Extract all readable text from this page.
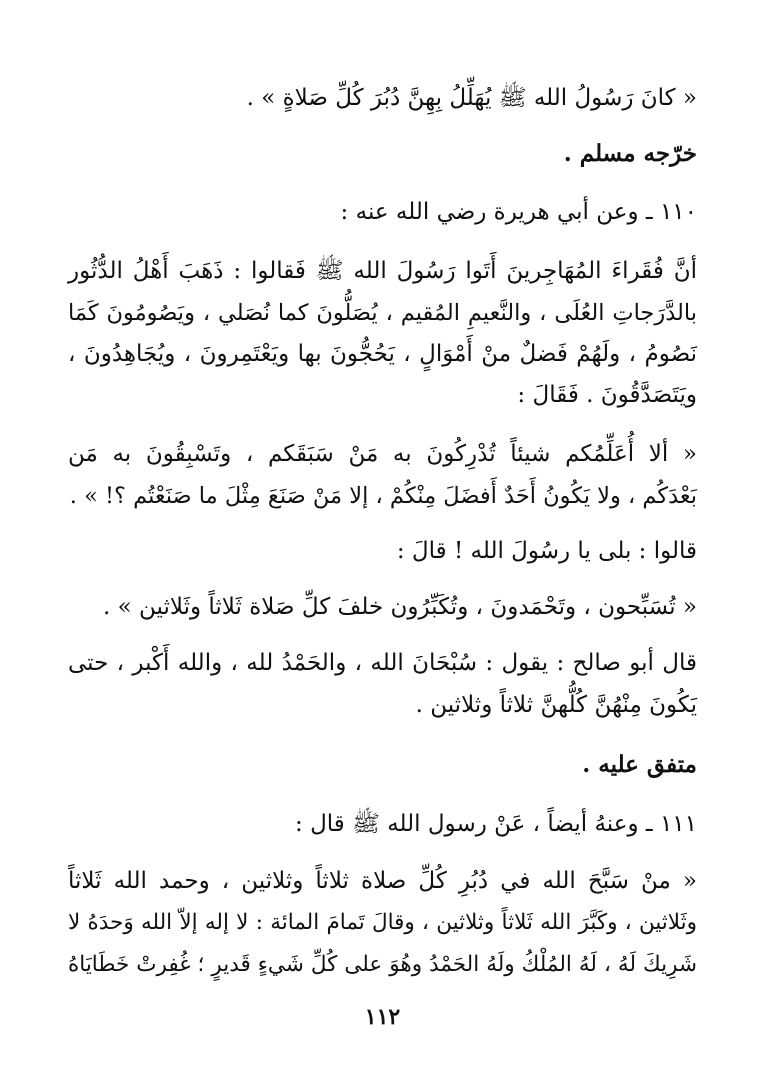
« كانَ رَسُولُ الله ﷺ يُهَلِّلُ بِهِنَّ دُبُرَ كُلِّ صَلاةٍ » .
خرّجه مسلم .
١١٠ ـ وعن أبي هريرة رضي الله عنه :
أنَّ فُقَراءَ المُهَاجِرينَ أَتَوا رَسُولَ الله ﷺ فَقالوا : ذَهَبَ أَهْلُ الدُّثُور
بالدَّرَجاتِ العُلَى ، والنَّعيمِ المُقيم ، يُصَلُّونَ كما نُصَلي ، ويَصُومُونَ كَمَا
نَصُومُ ، ولَهُمْ فَضلٌ منْ أَمْوَالٍ ، يَحُجُّونَ بها ويَعْتَمِرونَ ، ويُجَاهِدُونَ ،
ويَتَصَدَّقُونَ . فَقَالَ :
« ألا أُعَلِّمُكم شيئاً تُدْرِكُونَ به مَنْ سَبَقَكم ، وتَسْبِقُونَ به مَن
بَعْدَكُم ، ولا يَكُونُ أَحَدٌ أَفضَلَ مِنْكُمْ ، إلا مَنْ صَنَعَ مِثْلَ ما صَنَعْتُم ؟! » .
قالوا : بلى يا رسُولَ الله ! قالَ :
« تُسَبِّحون ، وتَحْمَدونَ ، وتُكَبِّرُون خلفَ كلِّ صَلاة ثَلاثاً وثَلاثين » .
قال أبو صالح : يقول : سُبْحَانَ الله ، والحَمْدُ لله ، والله أَكْبر ، حتى
يَكُونَ مِنْهُنَّ كُلُّهنَّ ثلاثاً وثلاثين .
متفق عليه .
١١١ ـ وعنهُ أيضاً ، عَنْ رسول الله ﷺ قال :
« منْ سَبَّحَ الله في دُبُرِ كُلِّ صلاة ثلاثاً وثلاثين ، وحمد الله ثَلاثاً
وثَلاثين ، وكَبَّرَ الله ثَلاثاً وثلاثين ، وقالَ تَمامَ المائة : لا إله إلاّ الله وَحدَهُ لا
شَرِيكَ لَهُ ، لَهُ المُلْكُ ولَهُ الحَمْدُ وهُوَ على كُلِّ شَيءٍ قَديرٍ ؛ غُفِرتْ خَطَايَاهُ
١١٢
